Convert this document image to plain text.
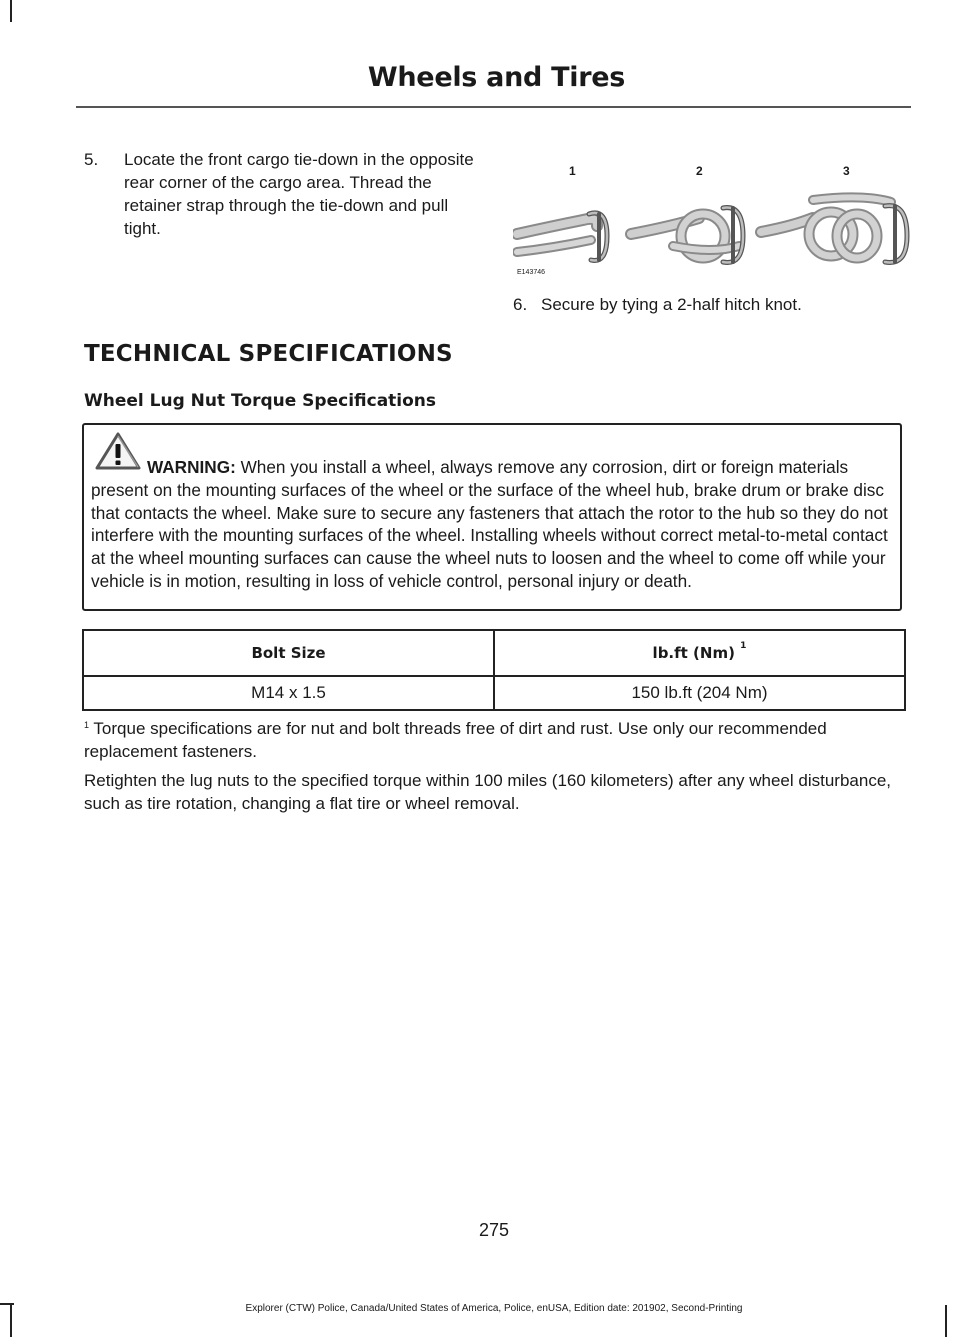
Wheels and Tires
5.	Locate the front cargo tie-down in the opposite rear corner of the cargo area. Thread the retainer strap through the tie-down and pull tight.
1	2	3
E143746
6. Secure by tying a 2-half hitch knot.
TECHNICAL SPECIFICATIONS
Wheel Lug Nut Torque Specifications
WARNING: When you install a wheel, always remove any corrosion, dirt or foreign materials present on the mounting surfaces of the wheel or the surface of the wheel hub, brake drum or brake disc that contacts the wheel. Make sure to secure any fasteners that attach the rotor to the hub so they do not interfere with the mounting surfaces of the wheel. Installing wheels without correct metal-to-metal contact at the wheel mounting surfaces can cause the wheel nuts to loosen and the wheel to come off while your vehicle is in motion, resulting in loss of vehicle control, personal injury or death.
Bolt Size	lb.ft (Nm) $^1$
M14 x 1.5	150 lb.ft (204 Nm)
$^1$ Torque specifications are for nut and bolt threads free of dirt and rust. Use only our recommended replacement fasteners.
Retighten the lug nuts to the specified torque within 100 miles (160 kilometers) after any wheel disturbance, such as tire rotation, changing a flat tire or wheel removal.
275
Explorer (CTW) Police, Canada/United States of America, Police, enUSA, Edition date: 201902, Second-Printing
